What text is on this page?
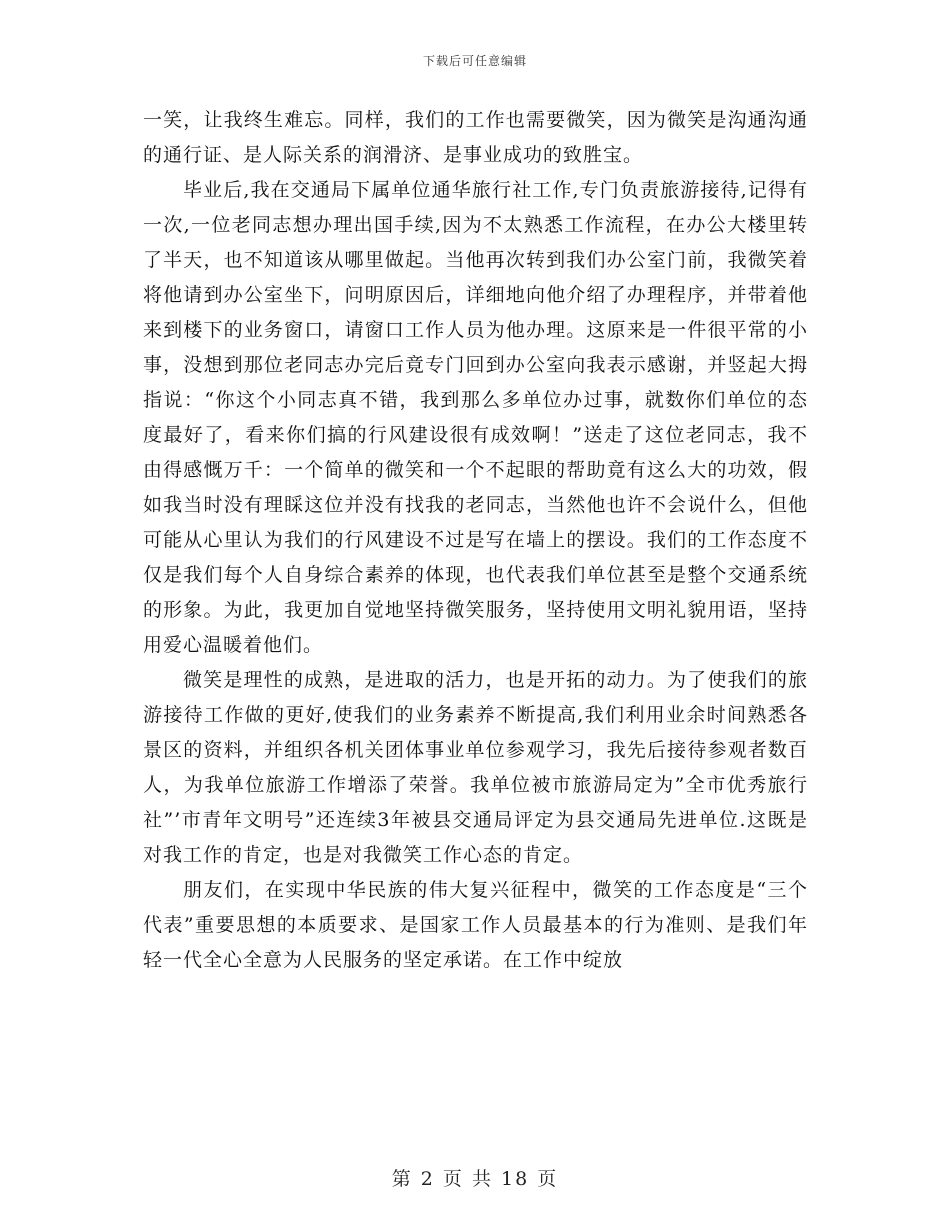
下载后可任意编辑

一笑，让我终生难忘。同样，我们的工作也需要微笑，因为微笑是沟通沟通的通行证、是人际关系的润滑济、是事业成功的致胜宝。

毕业后,我在交通局下属单位通华旅行社工作,专门负责旅游接待,记得有一次,一位老同志想办理出国手续,因为不太熟悉工作流程，在办公大楼里转了半天，也不知道该从哪里做起。当他再次转到我们办公室门前，我微笑着将他请到办公室坐下，问明原因后，详细地向他介绍了办理程序，并带着他来到楼下的业务窗口，请窗口工作人员为他办理。这原来是一件很平常的小事，没想到那位老同志办完后竟专门回到办公室向我表示感谢，并竖起大拇指说：“你这个小同志真不错，我到那么多单位办过事，就数你们单位的态度最好了，看来你们搞的行风建设很有成效啊！”送走了这位老同志，我不由得感慨万千：一个简单的微笑和一个不起眼的帮助竟有这么大的功效，假如我当时没有理睬这位并没有找我的老同志，当然他也许不会说什么，但他可能从心里认为我们的行风建设不过是写在墙上的摆设。我们的工作态度不仅是我们每个人自身综合素养的体现，也代表我们单位甚至是整个交通系统的形象。为此，我更加自觉地坚持微笑服务，坚持使用文明礼貌用语，坚持用爱心温暖着他们。

微笑是理性的成熟，是进取的活力，也是开拓的动力。为了使我们的旅游接待工作做的更好,使我们的业务素养不断提高,我们利用业余时间熟悉各景区的资料，并组织各机关团体事业单位参观学习，我先后接待参观者数百人，为我单位旅游工作增添了荣誉。我单位被市旅游局定为”全市优秀旅行社”’市青年文明号”还连续3年被县交通局评定为县交通局先进单位.这既是对我工作的肯定，也是对我微笑工作心态的肯定。

朋友们，在实现中华民族的伟大复兴征程中，微笑的工作态度是“三个代表”重要思想的本质要求、是国家工作人员最基本的行为准则、是我们年轻一代全心全意为人民服务的坚定承诺。在工作中绽放

第 2 页 共 18 页
